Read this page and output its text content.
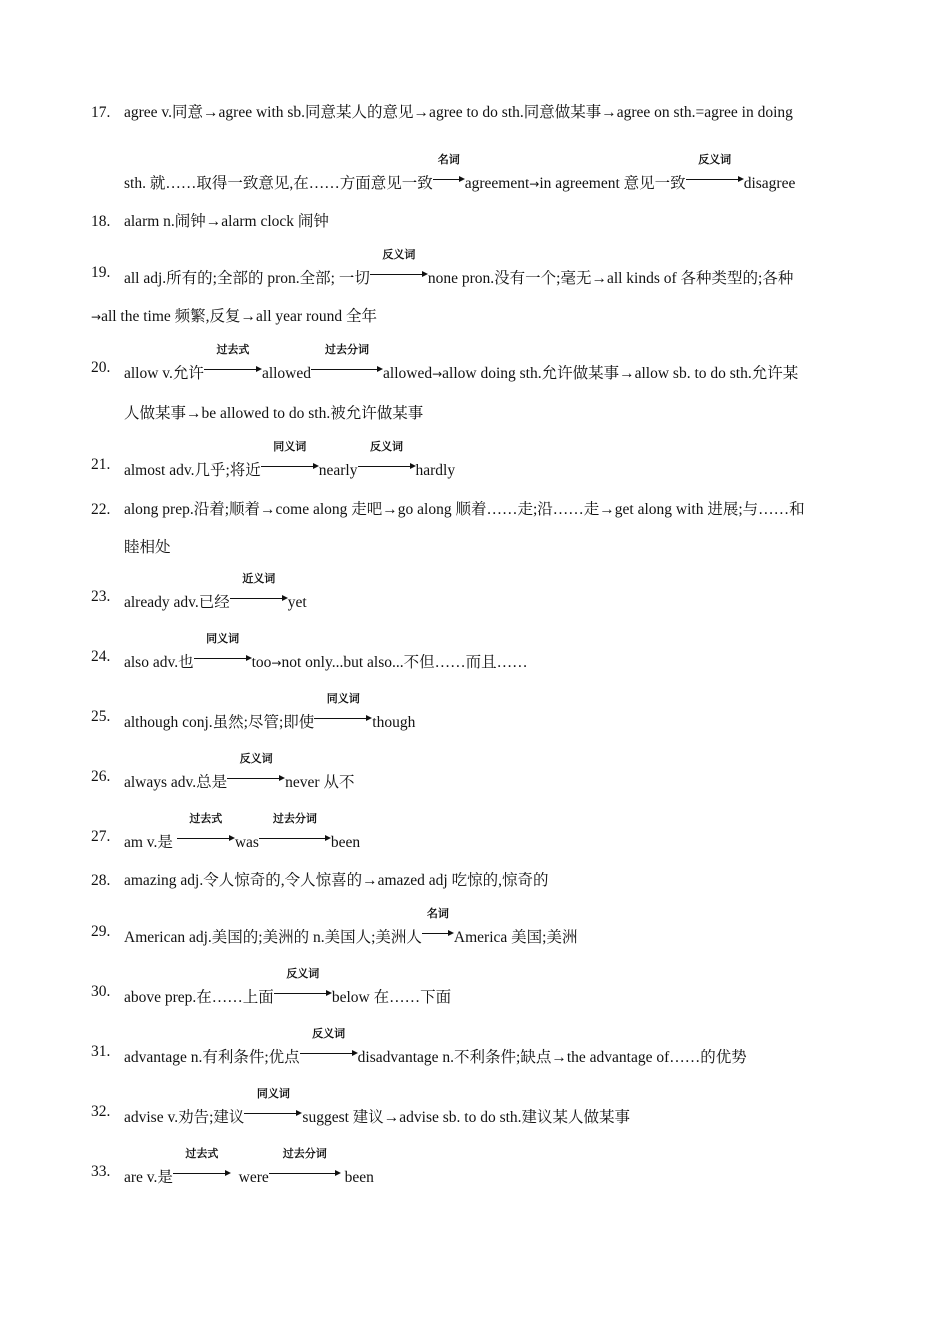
17. agree v.同意→agree with sb.同意某人的意见→agree to do sth.同意做某事→agree on sth.=agree in doing
sth. 就……取得一致意见,在……方面意见一致
名词
agreement→in agreement 意见一致
反义词
disagree
18. alarm n.闹钟→alarm clock 闹钟
19. all adj.所有的;全部的 pron.全部; 一切
反义词
none pron.没有一个;毫无→all kinds of 各种类型的;各种
→all the time 频繁,反复→all year round 全年
20. allow v.允许
过去式
allowed
过去分词
allowed→allow doing sth.允许做某事→allow sb. to do sth.允许某
人做某事→be allowed to do sth.被允许做某事
21. almost adv.几乎;将近
同义词
nearly
反义词
hardly
22. along prep.沿着;顺着→come along 走吧→go along 顺着……走;沿……走→get along with 进展;与……和
睦相处
23. already adv.已经
近义词
yet
24. also adv.也
同义词
too→not only...but also...不但……而且……
25. although conj.虽然;尽管;即使
同义词
though
26. always adv.总是
反义词
never 从不
27. am v.是
过去式
was
过去分词
been
28. amazing adj.令人惊奇的,令人惊喜的→amazed adj 吃惊的,惊奇的
29. American adj.美国的;美洲的 n.美国人;美洲人
名词
America 美国;美洲
30. above prep.在……上面
反义词
below 在……下面
31. advantage n.有利条件;优点
反义词
disadvantage n.不利条件;缺点→the advantage of……的优势
32. advise v.劝告;建议
同义词
suggest 建议→advise sb. to do sth.建议某人做某事
33. are v.是
过去式
were
过去分词
been
